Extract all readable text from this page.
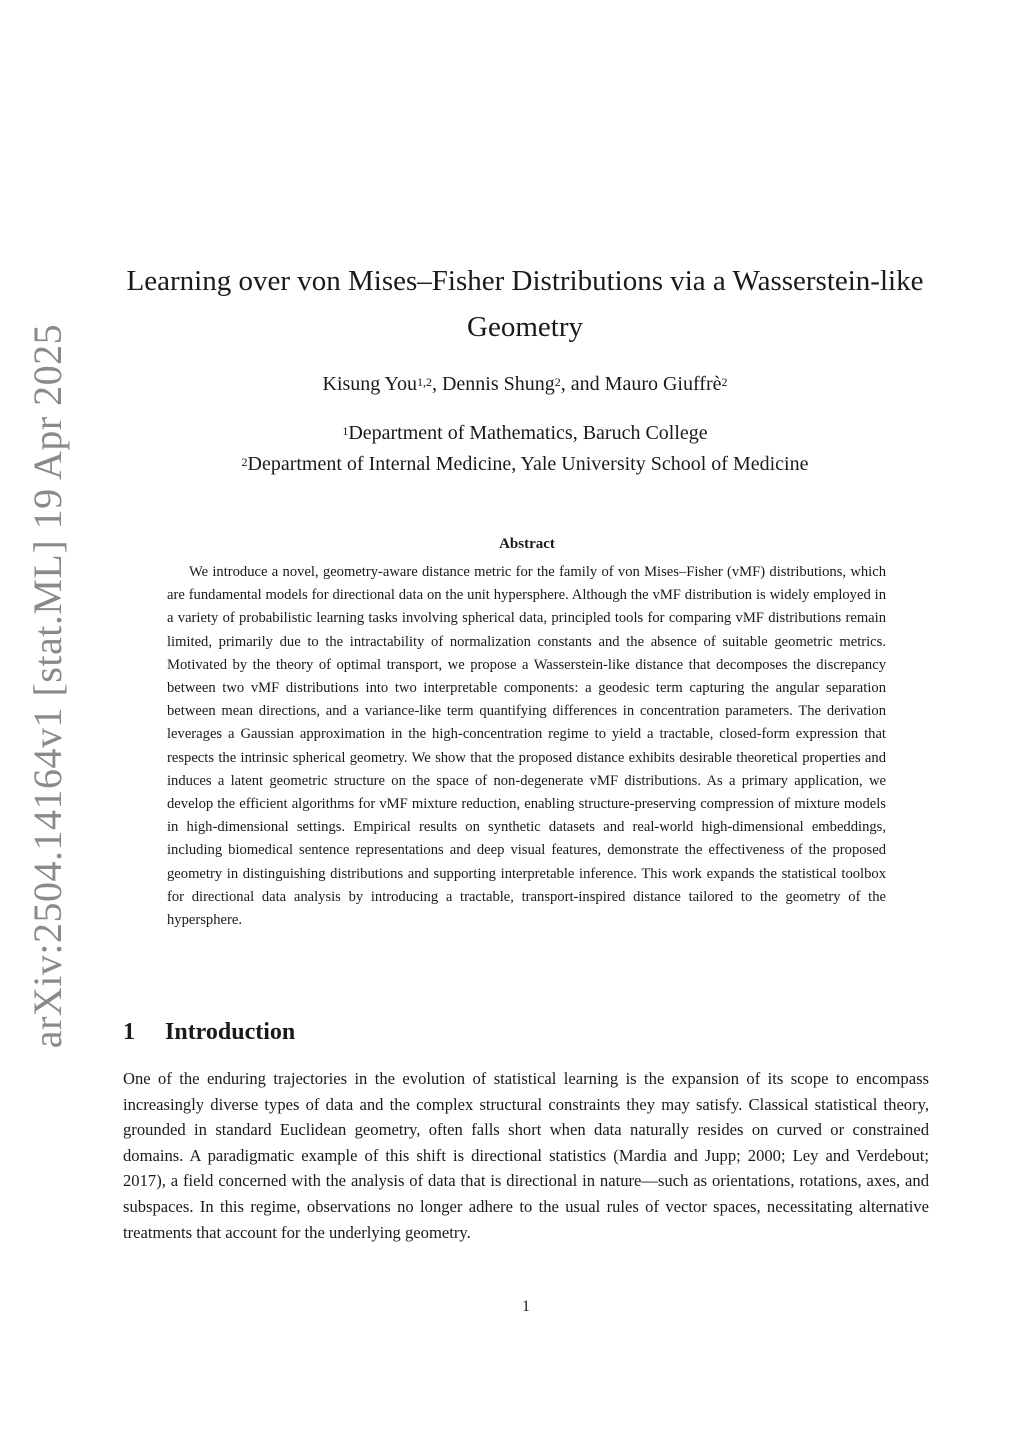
arXiv:2504.14164v1 [stat.ML] 19 Apr 2025
Learning over von Mises–Fisher Distributions via a Wasserstein-like Geometry
Kisung You$^{1,2}$, Dennis Shung$^2$, and Mauro Giuffrè$^2$
$^1$Department of Mathematics, Baruch College
$^2$Department of Internal Medicine, Yale University School of Medicine
Abstract

We introduce a novel, geometry-aware distance metric for the family of von Mises–Fisher (vMF) distributions, which are fundamental models for directional data on the unit hypersphere. Although the vMF distribution is widely employed in a variety of probabilistic learning tasks involving spherical data, principled tools for comparing vMF distributions remain limited, primarily due to the intractability of normalization constants and the absence of suitable geometric metrics. Motivated by the theory of optimal transport, we propose a Wasserstein-like distance that decomposes the discrepancy between two vMF distributions into two interpretable components: a geodesic term capturing the angular separation between mean directions, and a variance-like term quantifying differences in concentration parameters. The derivation leverages a Gaussian approximation in the high-concentration regime to yield a tractable, closed-form expression that respects the intrinsic spherical geometry. We show that the proposed distance exhibits desirable theoretical properties and induces a latent geometric structure on the space of non-degenerate vMF distributions. As a primary application, we develop the efficient algorithms for vMF mixture reduction, enabling structure-preserving compression of mixture models in high-dimensional settings. Empirical results on synthetic datasets and real-world high-dimensional embeddings, including biomedical sentence representations and deep visual features, demonstrate the effectiveness of the proposed geometry in distinguishing distributions and supporting interpretable inference. This work expands the statistical toolbox for directional data analysis by introducing a tractable, transport-inspired distance tailored to the geometry of the hypersphere.

1 Introduction

One of the enduring trajectories in the evolution of statistical learning is the expansion of its scope to encompass increasingly diverse types of data and the complex structural constraints they may satisfy. Classical statistical theory, grounded in standard Euclidean geometry, often falls short when data naturally resides on curved or constrained domains. A paradigmatic example of this shift is directional statistics (Mardia and Jupp; 2000; Ley and Verdebout; 2017), a field concerned with the analysis of data that is directional in nature—such as orientations, rotations, axes, and subspaces. In this regime, observations no longer adhere to the usual rules of vector spaces, necessitating alternative treatments that account for the underlying geometry.

1
